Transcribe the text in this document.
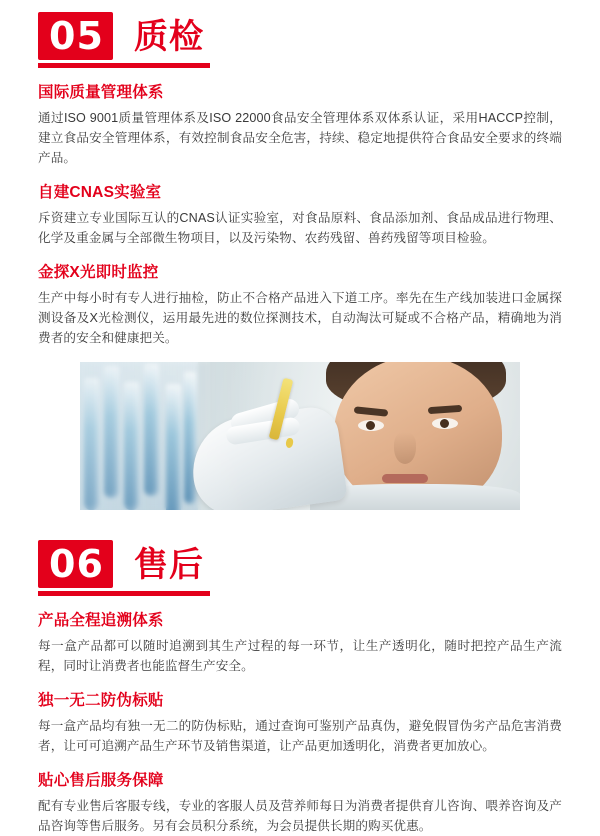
05 质检
国际质量管理体系

通过ISO 9001质量管理体系及ISO 22000食品安全管理体系双体系认证，采用HACCP控制，建立食品安全管理体系，有效控制食品安全危害，持续、稳定地提供符合食品安全要求的终端产品。

自建CNAS实验室

斥资建立专业国际互认的CNAS认证实验室，对食品原料、食品添加剂、食品成品进行物理、化学及重金属与全部微生物项目，以及污染物、农药残留、兽药残留等项目检验。

金探X光即时监控

生产中每小时有专人进行抽检，防止不合格产品进入下道工序。率先在生产线加装进口金属探测设备及X光检测仪，运用最先进的数位探测技术，自动淘汰可疑或不合格产品，精确地为消费者的安全和健康把关。

06 售后
产品全程追溯体系

每一盒产品都可以随时追溯到其生产过程的每一环节，让生产透明化，随时把控产品生产流程，同时让消费者也能监督生产安全。

独一无二防伪标贴

每一盒产品均有独一无二的防伪标贴，通过查询可鉴别产品真伪，避免假冒伪劣产品危害消费者，让可可追溯产品生产环节及销售渠道，让产品更加透明化，消费者更加放心。

贴心售后服务保障

配有专业售后客服专线，专业的客服人员及营养师每日为消费者提供育儿咨询、喂养咨询及产品咨询等售后服务。另有会员积分系统，为会员提供长期的购买优惠。
